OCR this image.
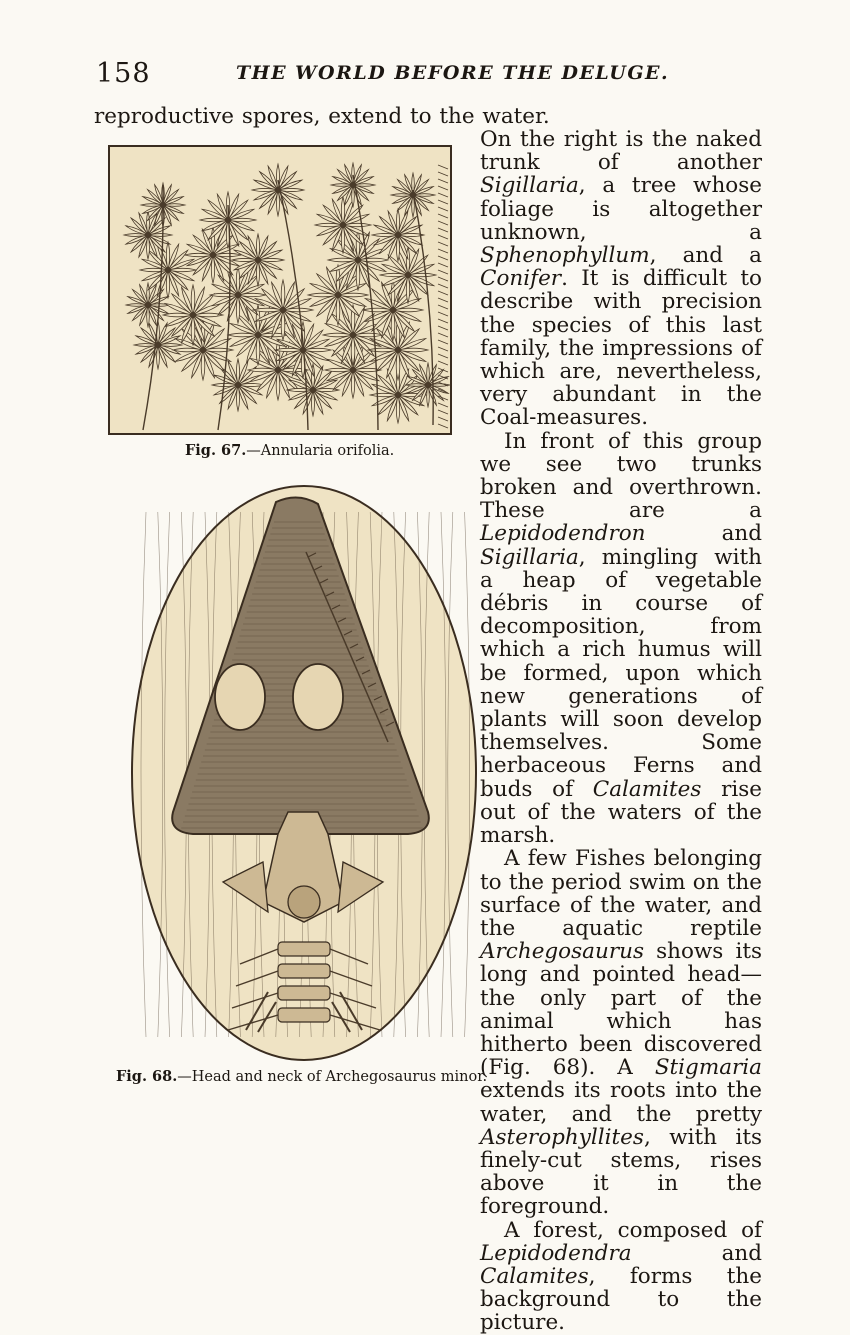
158	THE WORLD BEFORE THE DELUGE.
reproductive spores, extend to the water.
Fig. 67.—Annularia orifolia.
Fig. 68.—Head and neck of Archegosaurus minor.

On the right is the naked trunk of another Sigillaria, a tree whose foliage is altogether unknown, a Sphenophyllum, and a Conifer. It is difficult to describe with precision the species of this last family, the impressions of which are, nevertheless, very abundant in the Coal-measures.

In front of this group we see two trunks broken and overthrown. These are a Lepidodendron and Sigillaria, mingling with a heap of vegetable débris in course of decomposition, from which a rich humus will be formed, upon which new generations of plants will soon develop themselves. Some herbaceous Ferns and buds of Calamites rise out of the waters of the marsh.

A few Fishes belonging to the period swim on the surface of the water, and the aquatic reptile Archegosaurus shows its long and pointed head—the only part of the animal which has hitherto been discovered (Fig. 68). A Stigmaria extends its roots into the water, and the pretty Asterophyllites, with its finely-cut stems, rises above it in the foreground.

A forest, composed of Lepidodendra and Calamites, forms the background to the picture.
